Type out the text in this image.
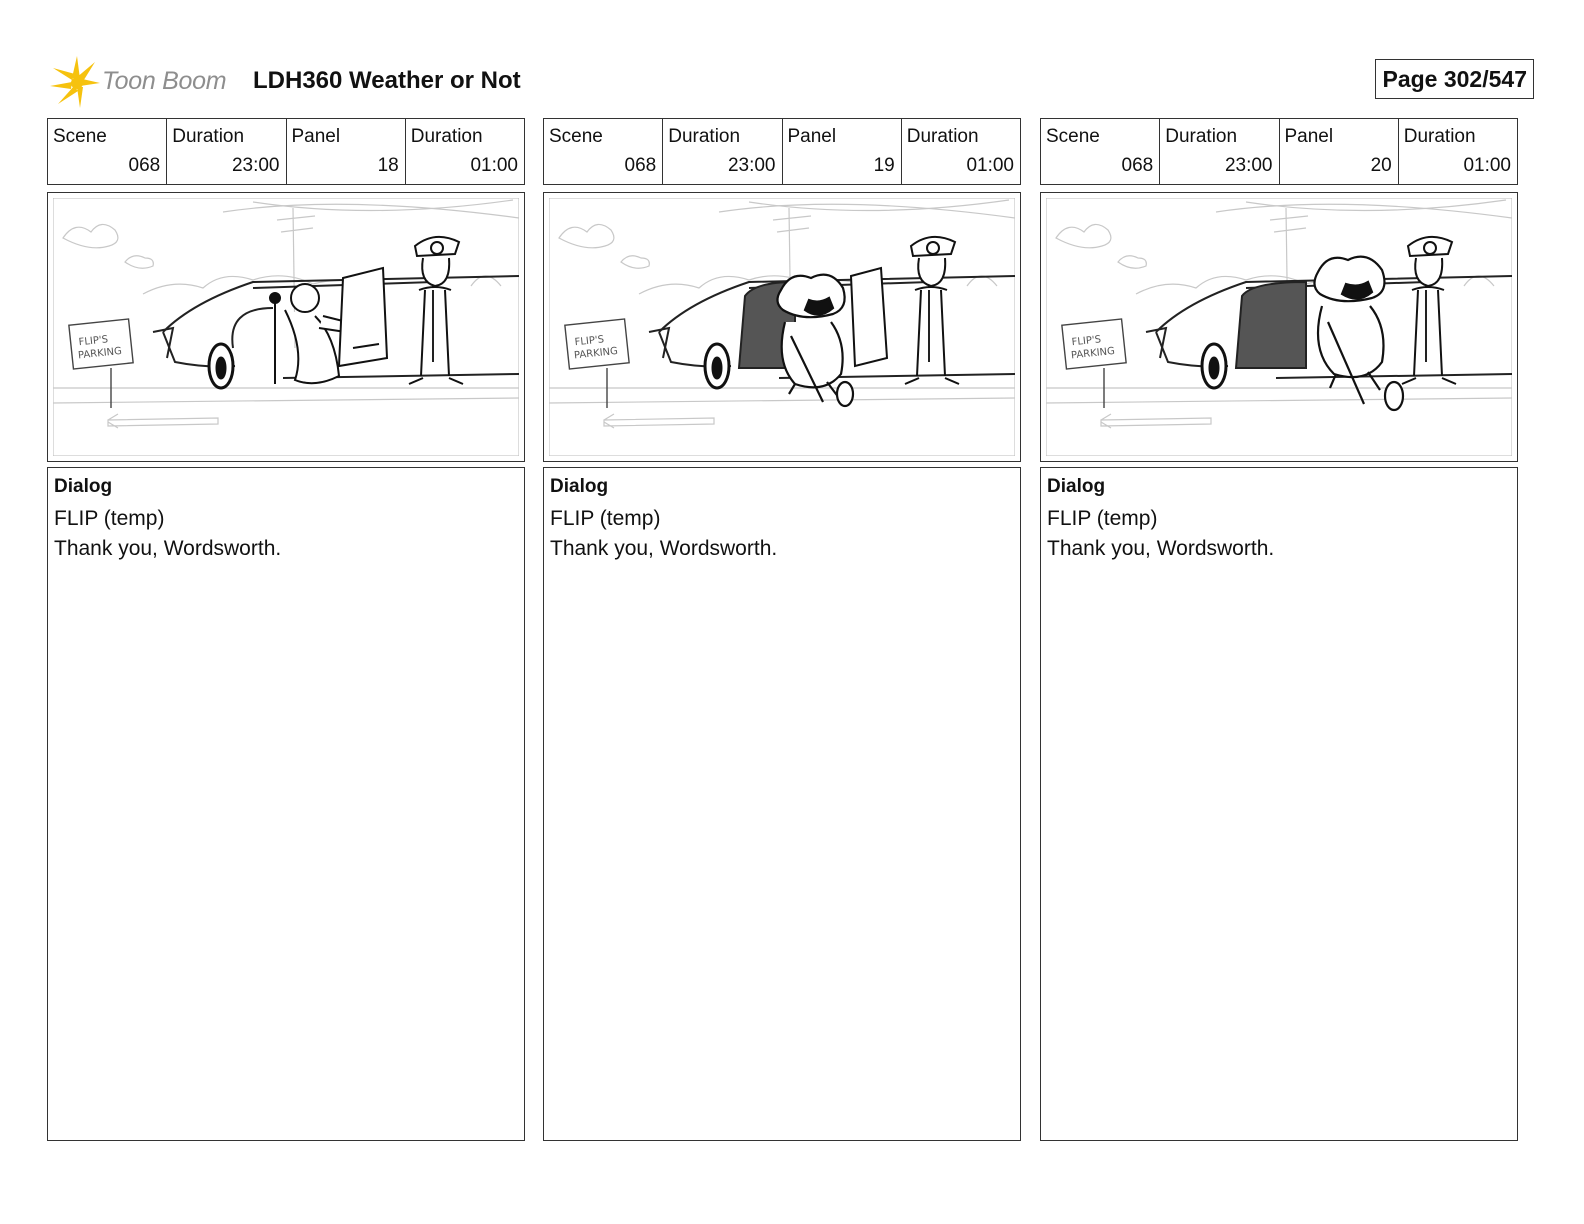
Toon Boom LDH360 Weather or Not	Page 302/547
Scene
068
Duration
23:00
Panel
18
Duration
01:00
FLIP'S
PARKING
Dialog
FLIP (temp)
Thank you, Wordsworth.
Scene
068
Duration
23:00
Panel
19
Duration
01:00
FLIP'S
PARKING
Dialog
FLIP (temp)
Thank you, Wordsworth.
Scene
068
Duration
23:00
Panel
20
Duration
01:00
FLIP'S
PARKING
Dialog
FLIP (temp)
Thank you, Wordsworth.
